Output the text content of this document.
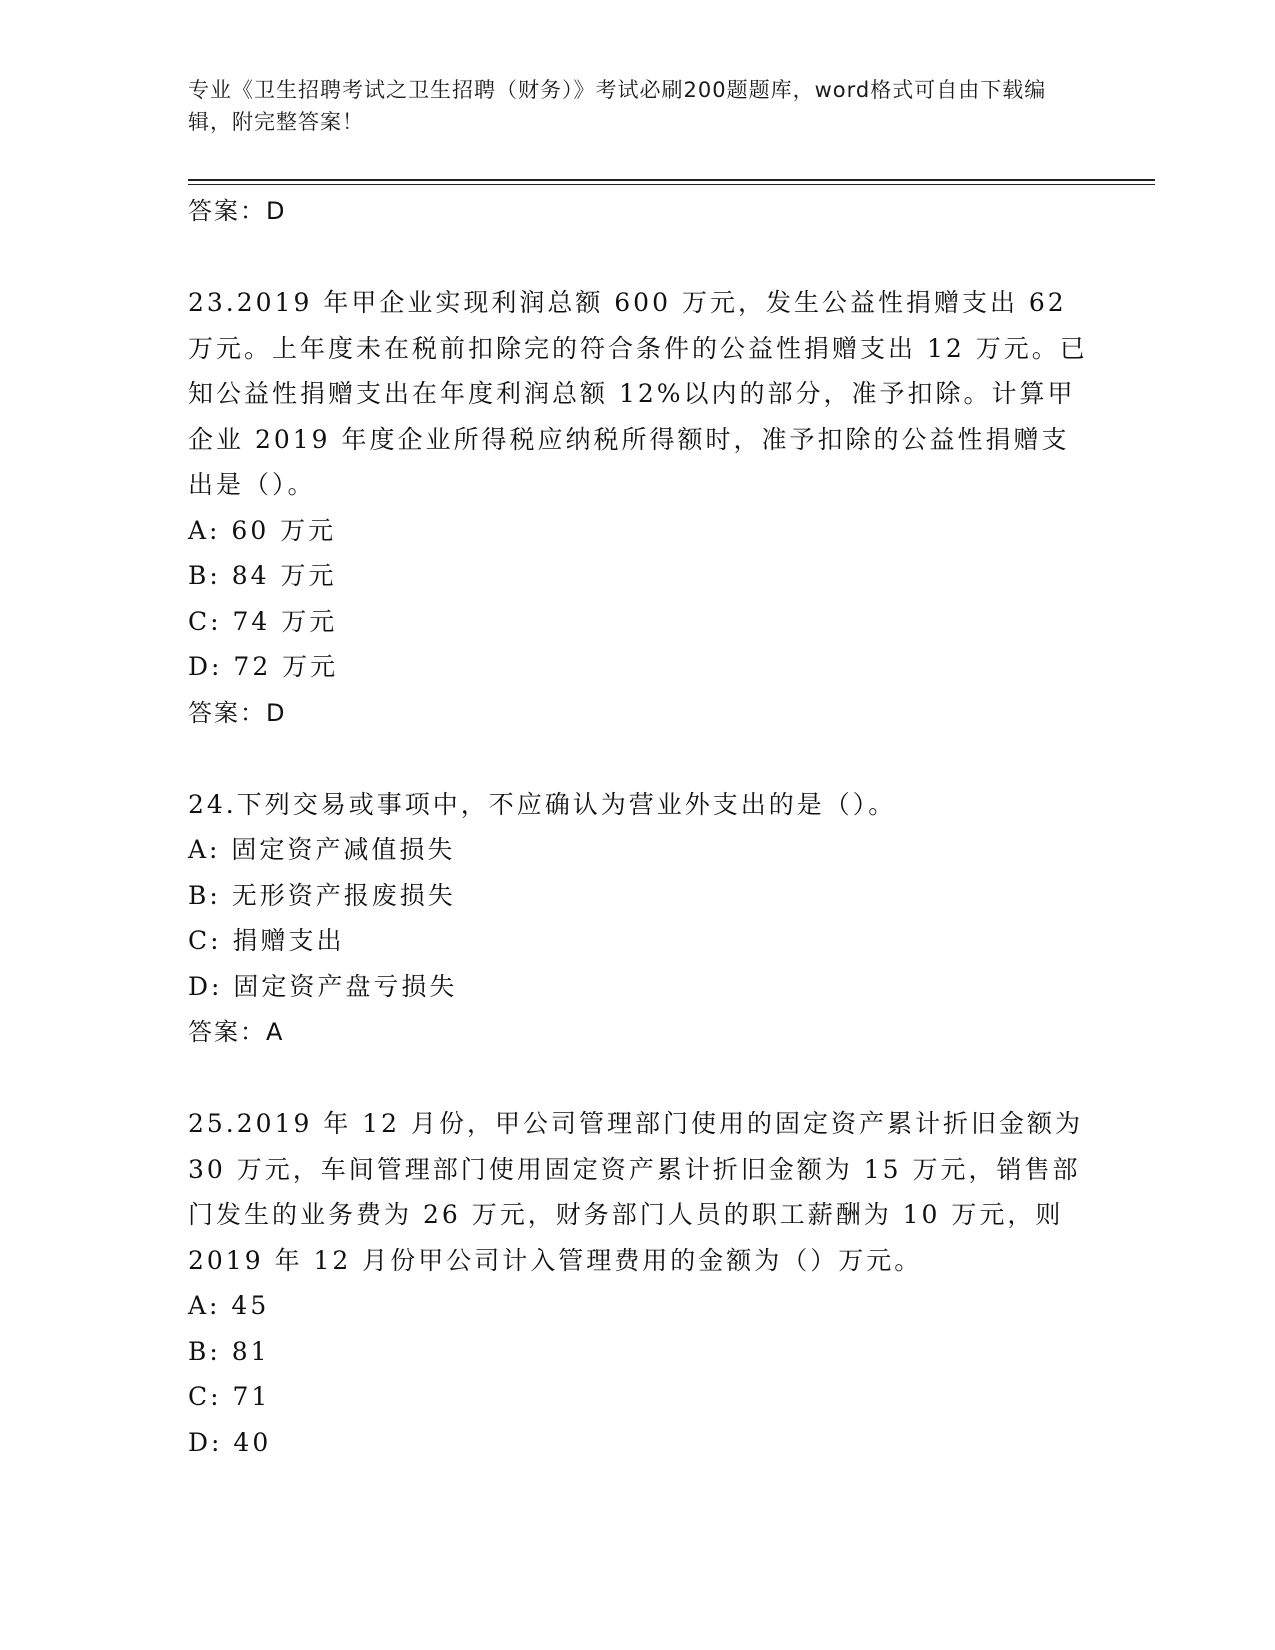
专业《卫生招聘考试之卫生招聘（财务）》考试必刷200题题库，word格式可自由下载编辑，附完整答案！

答案：D

23.2019 年甲企业实现利润总额 600 万元，发生公益性捐赠支出 62 万元。上年度未在税前扣除完的符合条件的公益性捐赠支出 12 万元。已知公益性捐赠支出在年度利润总额 12%以内的部分，准予扣除。计算甲企业 2019 年度企业所得税应纳税所得额时，准予扣除的公益性捐赠支出是（）。

A: 60 万元

B: 84 万元

C: 74 万元

D: 72 万元

答案：D

24.下列交易或事项中，不应确认为营业外支出的是（）。

A: 固定资产减值损失

B: 无形资产报废损失

C: 捐赠支出

D: 固定资产盘亏损失

答案：A

25.2019 年 12 月份，甲公司管理部门使用的固定资产累计折旧金额为 30 万元，车间管理部门使用固定资产累计折旧金额为 15 万元，销售部门发生的业务费为 26 万元，财务部门人员的职工薪酬为 10 万元，则 2019 年 12 月份甲公司计入管理费用的金额为（）万元。

A: 45

B: 81

C: 71

D: 40
